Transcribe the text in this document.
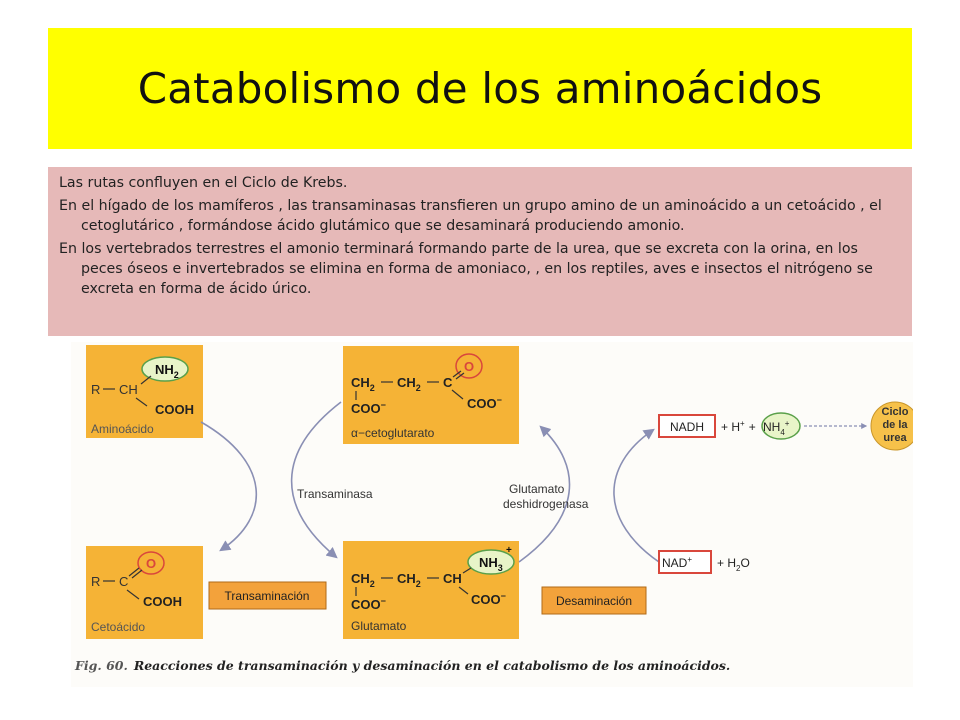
Catabolismo de los aminoácidos

Las rutas confluyen en el Ciclo de Krebs.

En el hígado de los mamíferos , las transaminasas transfieren un grupo amino de un aminoácido a un cetoácido , el cetoglutárico , formándose ácido glutámico que se desaminará produciendo amonio.

En los vertebrados terrestres el amonio terminará formando parte de la urea, que se excreta con la orina, en los peces óseos e invertebrados se elimina en forma de amoniaco, , en los reptiles, aves e insectos el nitrógeno se excreta en forma de ácido úrico.

$NH_2$
R CH
COOH
Aminoácido
O
R C
COOH
Cetoácido
O
$CH_2$ $CH_2$ C
COO−
COO−
α−cetoglutarato
$NH_3$
+
$CH_2$ $CH_2$ CH
COO−
COO−
Glutamato
Transaminasa	Glutamato
deshidrogenasa
Transaminación	Desaminación
NADH + $H^+ + NH_4^+$
Ciclo
de la
urea
$NAD^+ + H_2O$
Fig. 60. Reacciones de transaminación y desaminación en el catabolismo de los aminoácidos.
